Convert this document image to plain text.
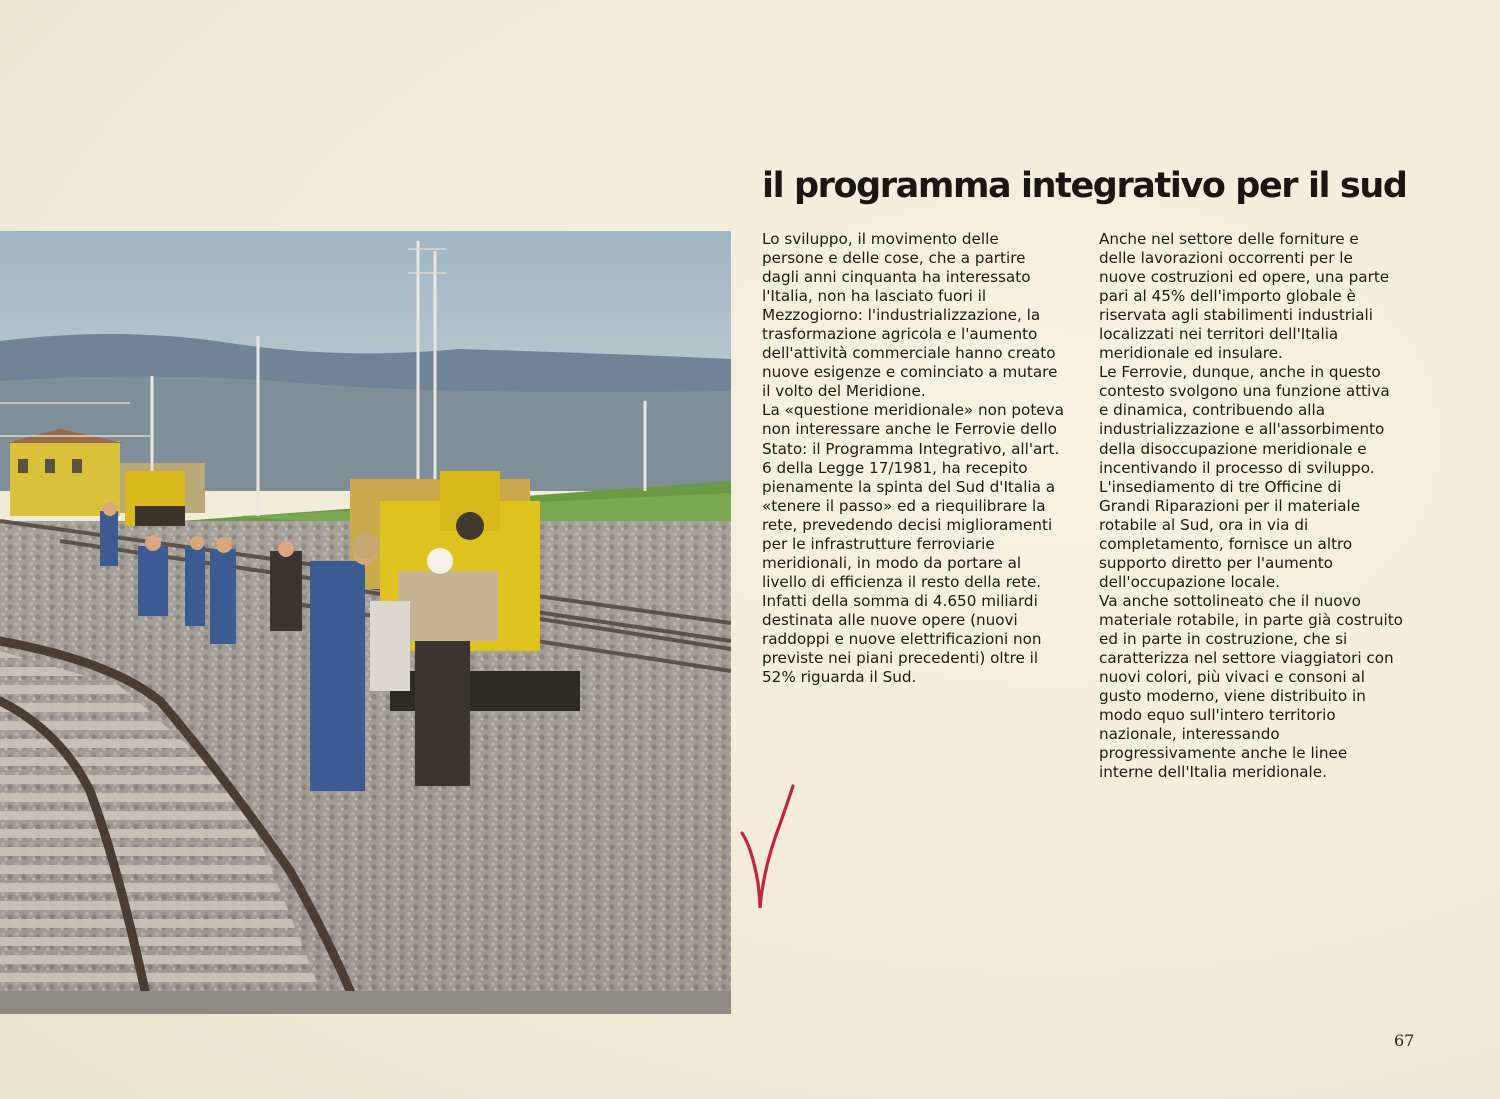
il programma integrativo per il sud

Lo sviluppo, il movimento delle
persone e delle cose, che a partire
dagli anni cinquanta ha interessato
l'Italia, non ha lasciato fuori il
Mezzogiorno: l'industrializzazione, la
trasformazione agricola e l'aumento
dell'attività commerciale hanno creato
nuove esigenze e cominciato a mutare
il volto del Meridione.

La «questione meridionale» non poteva
non interessare anche le Ferrovie dello
Stato: il Programma Integrativo, all'art.
6 della Legge 17/1981, ha recepito
pienamente la spinta del Sud d'Italia a
«tenere il passo» ed a riequilibrare la
rete, prevedendo decisi miglioramenti
per le infrastrutture ferroviarie
meridionali, in modo da portare al
livello di efficienza il resto della rete.
Infatti della somma di 4.650 miliardi
destinata alle nuove opere (nuovi
raddoppi e nuove elettrificazioni non
previste nei piani precedenti) oltre il
52% riguarda il Sud.

Anche nel settore delle forniture e
delle lavorazioni occorrenti per le
nuove costruzioni ed opere, una parte
pari al 45% dell'importo globale è
riservata agli stabilimenti industriali
localizzati nei territori dell'Italia
meridionale ed insulare.

Le Ferrovie, dunque, anche in questo
contesto svolgono una funzione attiva
e dinamica, contribuendo alla
industrializzazione e all'assorbimento
della disoccupazione meridionale e
incentivando il processo di sviluppo.

L'insediamento di tre Officine di
Grandi Riparazioni per il materiale
rotabile al Sud, ora in via di
completamento, fornisce un altro
supporto diretto per l'aumento
dell'occupazione locale.

Va anche sottolineato che il nuovo
materiale rotabile, in parte già costruito
ed in parte in costruzione, che si
caratterizza nel settore viaggiatori con
nuovi colori, più vivaci e consoni al
gusto moderno, viene distribuito in
modo equo sull'intero territorio
nazionale, interessando
progressivamente anche le linee
interne dell'Italia meridionale.

67
